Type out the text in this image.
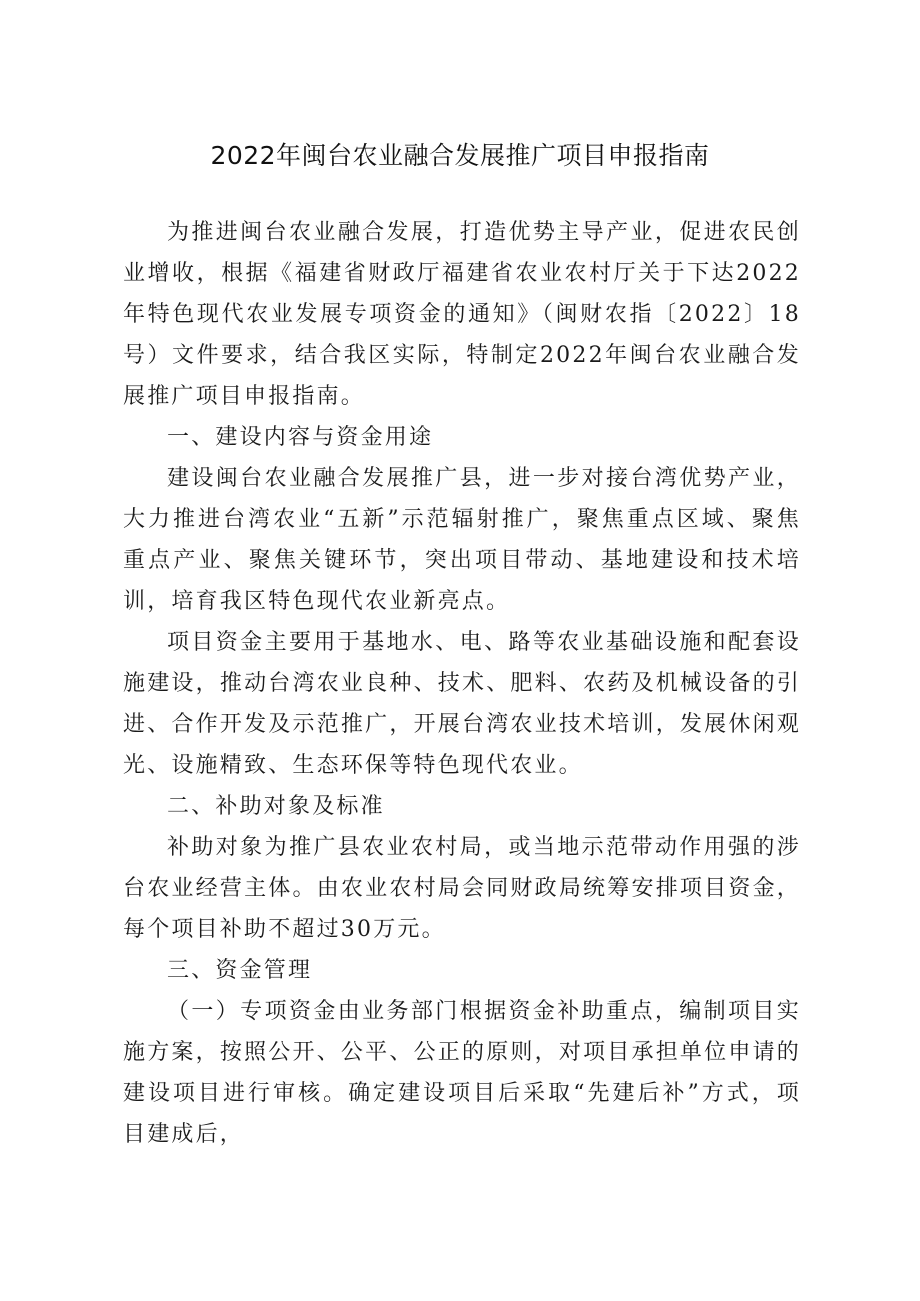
2022年闽台农业融合发展推广项目申报指南

为推进闽台农业融合发展，打造优势主导产业，促进农民创业增收，根据《福建省财政厅福建省农业农村厅关于下达2022年特色现代农业发展专项资金的通知》（闽财农指〔2022〕18号）文件要求，结合我区实际，特制定2022年闽台农业融合发展推广项目申报指南。

一、建设内容与资金用途

建设闽台农业融合发展推广县，进一步对接台湾优势产业，大力推进台湾农业“五新”示范辐射推广，聚焦重点区域、聚焦重点产业、聚焦关键环节，突出项目带动、基地建设和技术培训，培育我区特色现代农业新亮点。

项目资金主要用于基地水、电、路等农业基础设施和配套设施建设，推动台湾农业良种、技术、肥料、农药及机械设备的引进、合作开发及示范推广，开展台湾农业技术培训，发展休闲观光、设施精致、生态环保等特色现代农业。

二、补助对象及标准

补助对象为推广县农业农村局，或当地示范带动作用强的涉台农业经营主体。由农业农村局会同财政局统筹安排项目资金，每个项目补助不超过30万元。

三、资金管理

（一）专项资金由业务部门根据资金补助重点，编制项目实施方案，按照公开、公平、公正的原则，对项目承担单位申请的建设项目进行审核。确定建设项目后采取“先建后补”方式，项目建成后，
